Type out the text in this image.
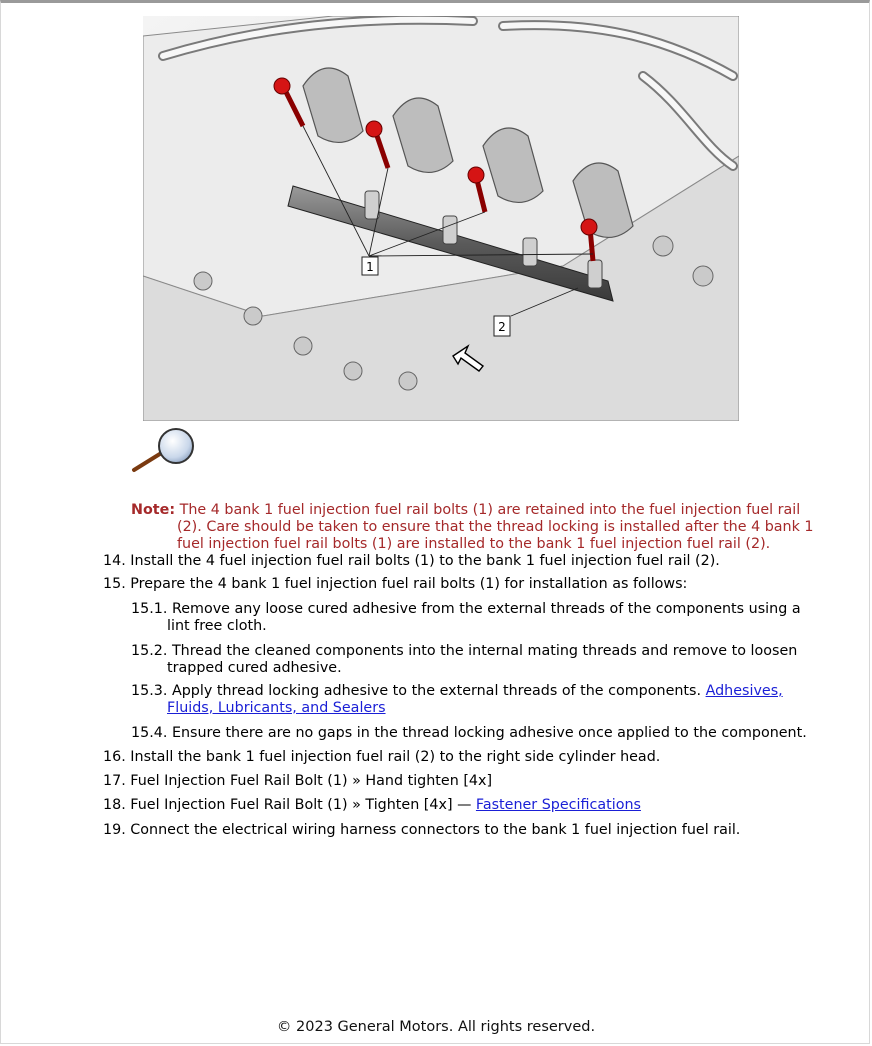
1
2
Note: The 4 bank 1 fuel injection fuel rail bolts (1) are retained into the fuel injection fuel rail (2). Care should be taken to ensure that the thread locking is installed after the 4 bank 1 fuel injection fuel rail bolts (1) are installed to the bank 1 fuel injection fuel rail (2).
14. Install the 4 fuel injection fuel rail bolts (1) to the bank 1 fuel injection fuel rail (2).
15. Prepare the 4 bank 1 fuel injection fuel rail bolts (1) for installation as follows:
15.1. Remove any loose cured adhesive from the external threads of the components using a lint free cloth.
15.2. Thread the cleaned components into the internal mating threads and remove to loosen trapped cured adhesive.
15.3. Apply thread locking adhesive to the external threads of the components. Adhesives, Fluids, Lubricants, and Sealers
15.4. Ensure there are no gaps in the thread locking adhesive once applied to the component.
16. Install the bank 1 fuel injection fuel rail (2) to the right side cylinder head.
17. Fuel Injection Fuel Rail Bolt (1) » Hand tighten [4x]
18. Fuel Injection Fuel Rail Bolt (1) » Tighten [4x] — Fastener Specifications
19. Connect the electrical wiring harness connectors to the bank 1 fuel injection fuel rail.
© 2023 General Motors. All rights reserved.
